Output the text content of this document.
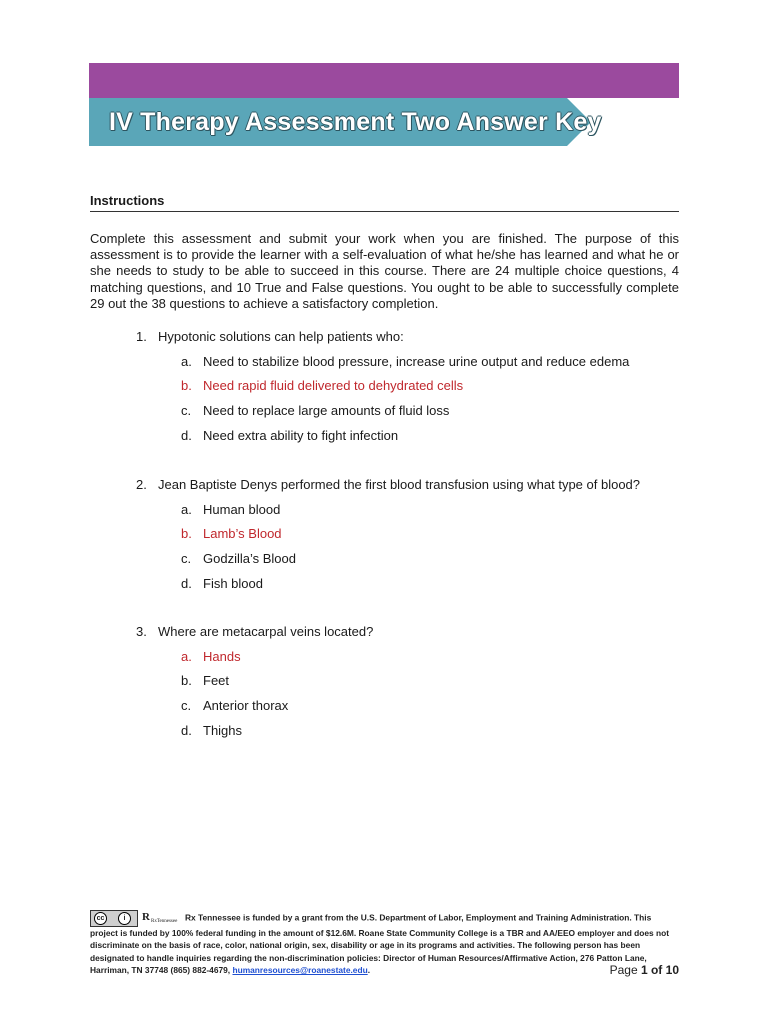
IV Therapy Assessment Two Answer Key
Instructions
Complete this assessment and submit your work when you are finished. The purpose of this assessment is to provide the learner with a self-evaluation of what he/she has learned and what he or she needs to study to be able to succeed in this course. There are 24 multiple choice questions, 4 matching questions, and 10 True and False questions. You ought to be able to successfully complete 29 out the 38 questions to achieve a satisfactory completion.
1. Hypotonic solutions can help patients who:
a. Need to stabilize blood pressure, increase urine output and reduce edema
b. Need rapid fluid delivered to dehydrated cells
c. Need to replace large amounts of fluid loss
d. Need extra ability to fight infection
2. Jean Baptiste Denys performed the first blood transfusion using what type of blood?
a. Human blood
b. Lamb’s Blood
c. Godzilla’s Blood
d. Fish blood
3. Where are metacarpal veins located?
a. Hands
b. Feet
c. Anterior thorax
d. Thighs
cc	i	R RxTennessee Rx Tennessee is funded by a grant from the U.S. Department of Labor, Employment and Training Administration. This project is funded by 100% federal funding in the amount of $12.6M. Roane State Community College is a TBR and AA/EEO employer and does not discriminate on the basis of race, color, national origin, sex, disability or age in its programs and activities. The following person has been designated to handle inquiries regarding the non-discrimination policies: Director of Human Resources/Affirmative Action, 276 Patton Lane, Harriman, TN 37748 (865) 882-4679, humanresources@roanestate.edu.	Page 1 of 10
